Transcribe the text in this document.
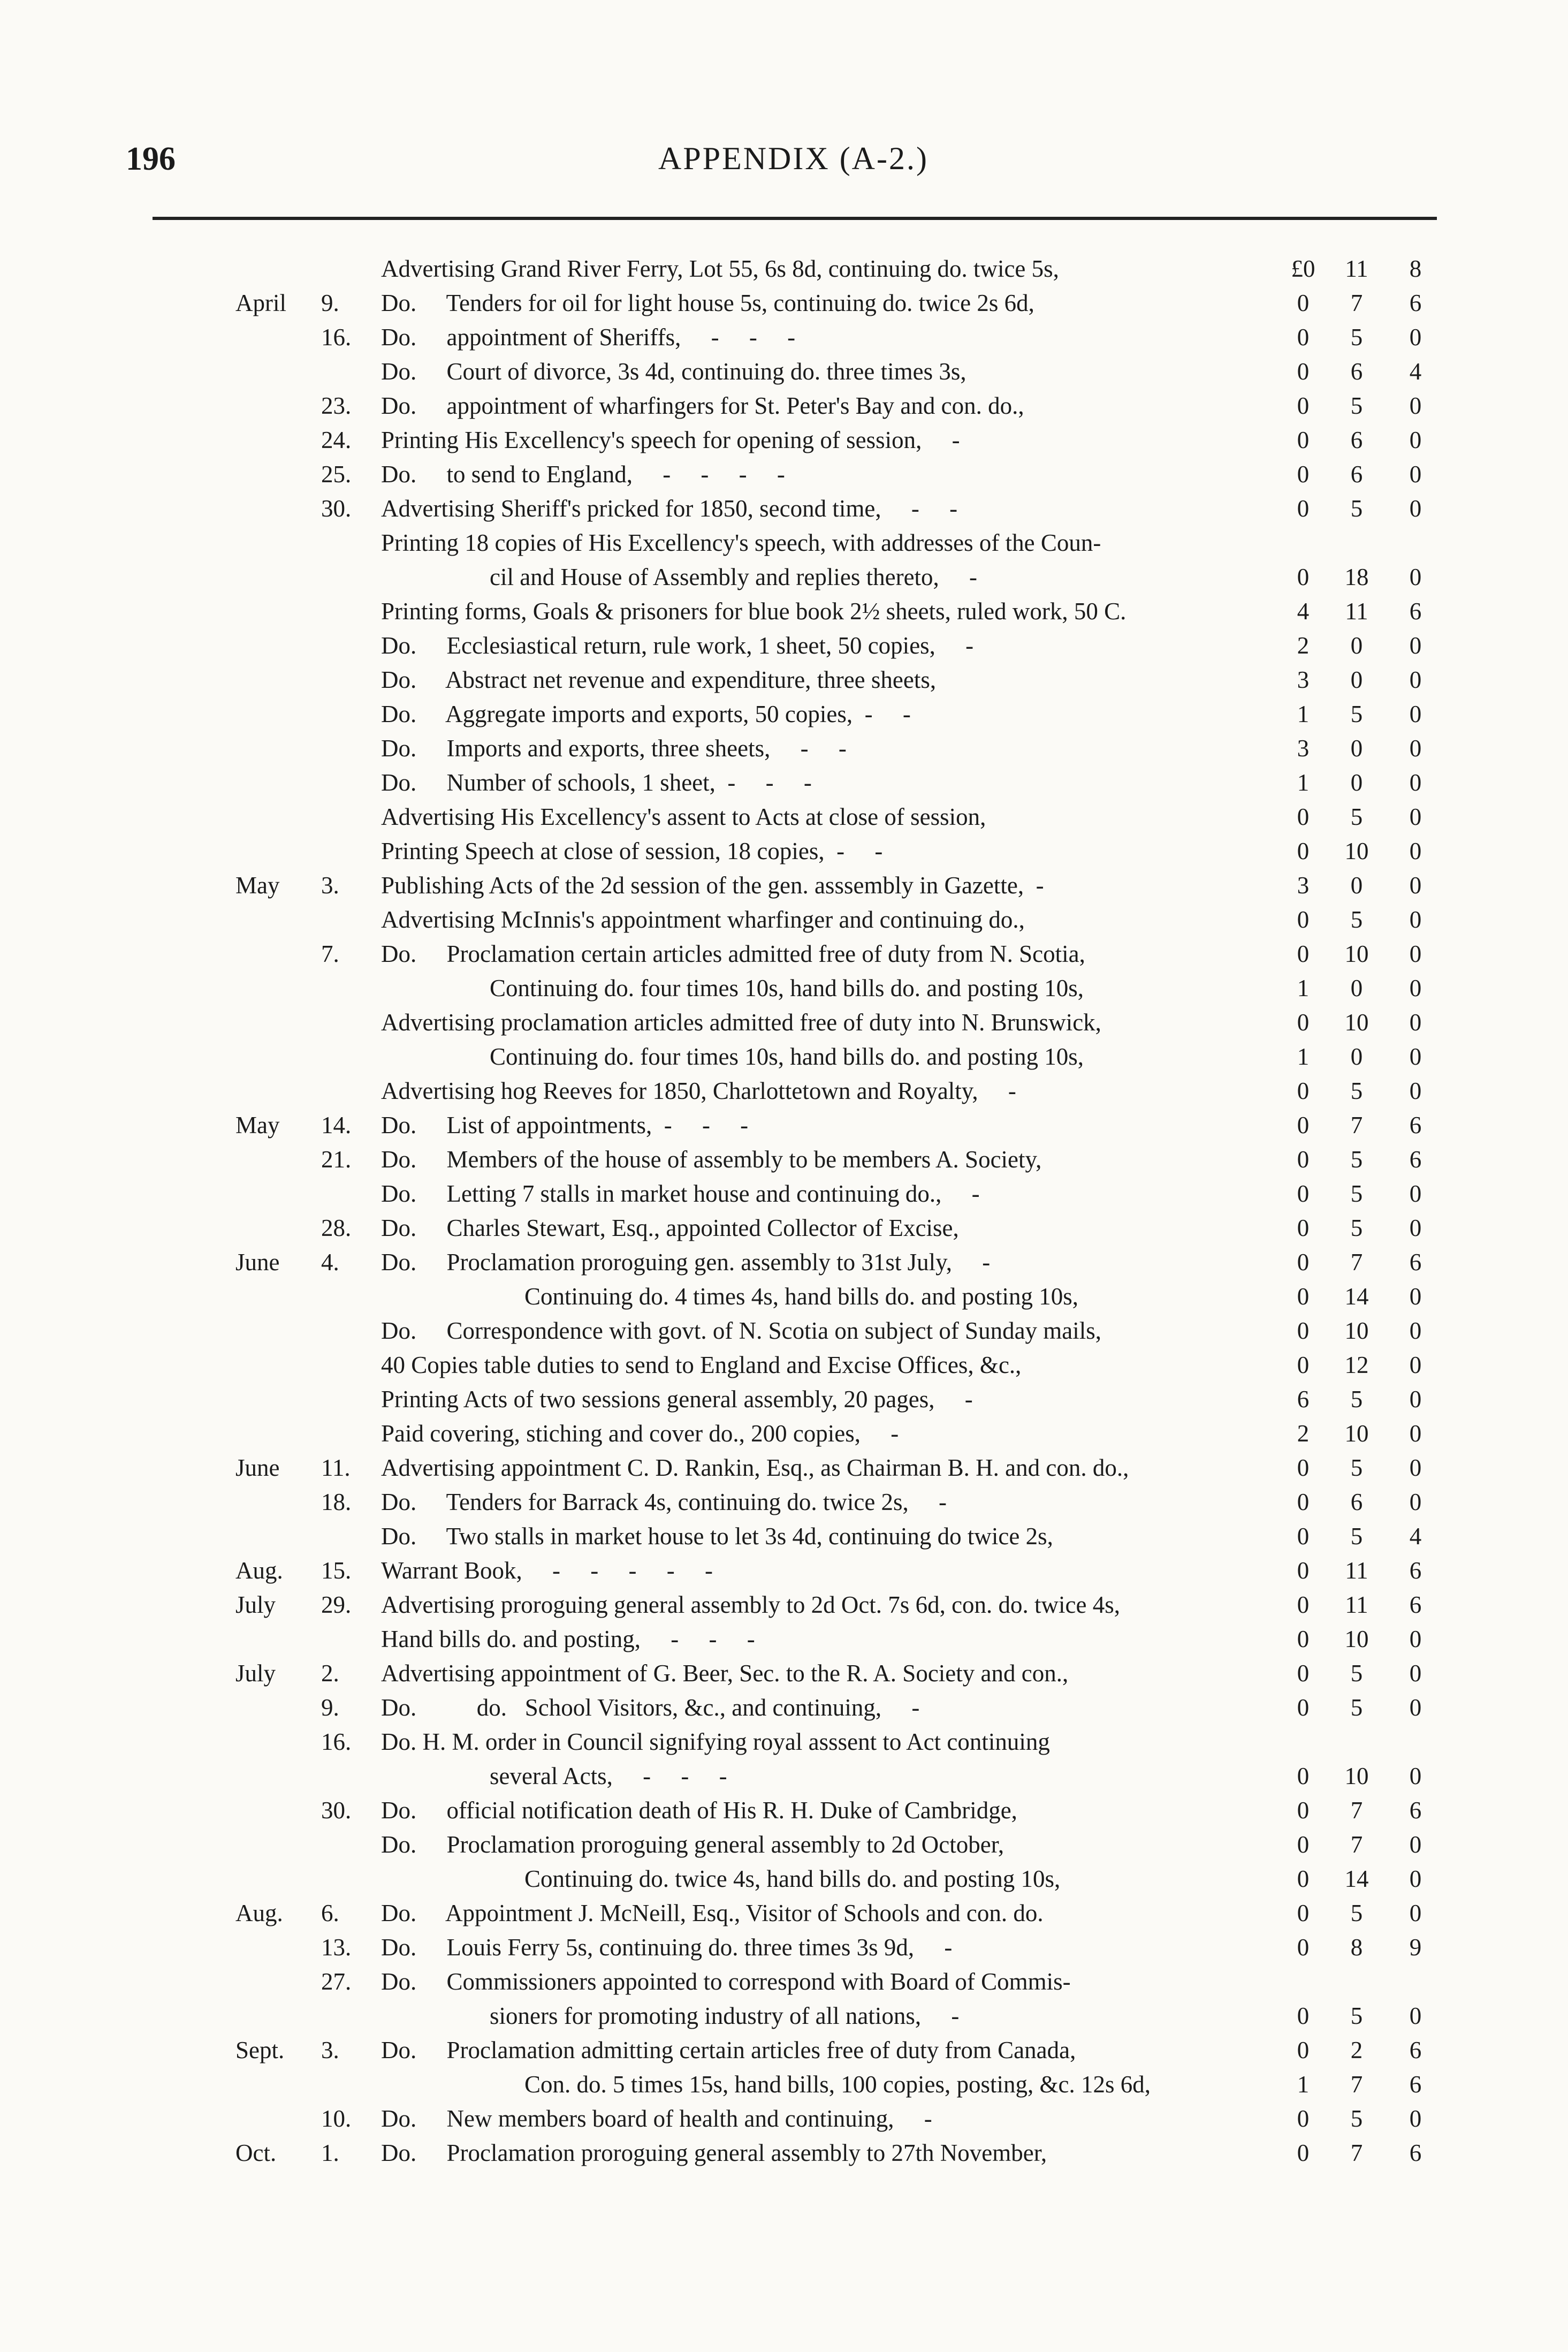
196	APPENDIX (A-2.)
Advertising Grand River Ferry, Lot 55, 6s 8d, continuing do. twice 5s,	£0	11	8
April 9. Do.     Tenders for oil for light house 5s, continuing do. twice 2s 6d,	0	7	6
16. Do.     appointment of Sheriffs,     -     -     -	0	5	0
Do.     Court of divorce, 3s 4d, continuing do. three times 3s,	0	6	4
23. Do.     appointment of wharfingers for St. Peter's Bay and con. do.,	0	5	0
24. Printing His Excellency's speech for opening of session,     -	0	6	0
25. Do.     to send to England,     -     -     -     -	0	6	0
30. Advertising Sheriff's pricked for 1850, second time,     -     -	0	5	0
Printing 18 copies of His Excellency's speech, with addresses of the Coun-
cil and House of Assembly and replies thereto,     -	0	18	0
Printing forms, Goals & prisoners for blue book 2½ sheets, ruled work, 50 C.	4	11	6
Do.     Ecclesiastical return, rule work, 1 sheet, 50 copies,     -	2	0	0
Do.     Abstract net revenue and expenditure, three sheets,	3	0	0
Do.     Aggregate imports and exports, 50 copies,  -     -	1	5	0
Do.     Imports and exports, three sheets,     -     -	3	0	0
Do.     Number of schools, 1 sheet,  -     -     -	1	0	0
Advertising His Excellency's assent to Acts at close of session,	0	5	0
Printing Speech at close of session, 18 copies,  -     -	0	10	0
May 3. Publishing Acts of the 2d session of the gen. asssembly in Gazette,  -	3	0	0
Advertising McInnis's appointment wharfinger and continuing do.,	0	5	0
7. Do.     Proclamation certain articles admitted free of duty from N. Scotia,	0	10	0
Continuing do. four times 10s, hand bills do. and posting 10s,	1	0	0
Advertising proclamation articles admitted free of duty into N. Brunswick,	0	10	0
Continuing do. four times 10s, hand bills do. and posting 10s,	1	0	0
Advertising hog Reeves for 1850, Charlottetown and Royalty,     -	0	5	0
May 14. Do.     List of appointments,  -     -     -	0	7	6
21. Do.     Members of the house of assembly to be members A. Society,	0	5	6
Do.     Letting 7 stalls in market house and continuing do.,     -	0	5	0
28. Do.     Charles Stewart, Esq., appointed Collector of Excise,	0	5	0
June 4. Do.     Proclamation proroguing gen. assembly to 31st July,     -	0	7	6
Continuing do. 4 times 4s, hand bills do. and posting 10s,	0	14	0
Do.     Correspondence with govt. of N. Scotia on subject of Sunday mails,	0	10	0
40 Copies table duties to send to England and Excise Offices, &c.,	0	12	0
Printing Acts of two sessions general assembly, 20 pages,     -	6	5	0
Paid covering, stiching and cover do., 200 copies,     -	2	10	0
June 11. Advertising appointment C. D. Rankin, Esq., as Chairman B. H. and con. do.,	0	5	0
18. Do.     Tenders for Barrack 4s, continuing do. twice 2s,     -	0	6	0
Do.     Two stalls in market house to let 3s 4d, continuing do twice 2s,	0	5	4
Aug. 15. Warrant Book,     -     -     -     -     -	0	11	6
July 29. Advertising proroguing general assembly to 2d Oct. 7s 6d, con. do. twice 4s,	0	11	6
Hand bills do. and posting,     -     -     -	0	10	0
July 2. Advertising appointment of G. Beer, Sec. to the R. A. Society and con.,	0	5	0
9. Do.          do.   School Visitors, &c., and continuing,     -	0	5	0
16. Do. H. M. order in Council signifying royal asssent to Act continuing
several Acts,     -     -     -	0	10	0
30. Do.     official notification death of His R. H. Duke of Cambridge,	0	7	6
Do.     Proclamation proroguing general assembly to 2d October,	0	7	0
Continuing do. twice 4s, hand bills do. and posting 10s,	0	14	0
Aug. 6. Do.     Appointment J. McNeill, Esq., Visitor of Schools and con. do.	0	5	0
13. Do.     Louis Ferry 5s, continuing do. three times 3s 9d,     -	0	8	9
27. Do.     Commissioners appointed to correspond with Board of Commis-
sioners for promoting industry of all nations,     -	0	5	0
Sept. 3. Do.     Proclamation admitting certain articles free of duty from Canada,	0	2	6
Con. do. 5 times 15s, hand bills, 100 copies, posting, &c. 12s 6d,	1	7	6
10. Do.     New members board of health and continuing,     -	0	5	0
Oct. 1. Do.     Proclamation proroguing general assembly to 27th November,	0	7	6
